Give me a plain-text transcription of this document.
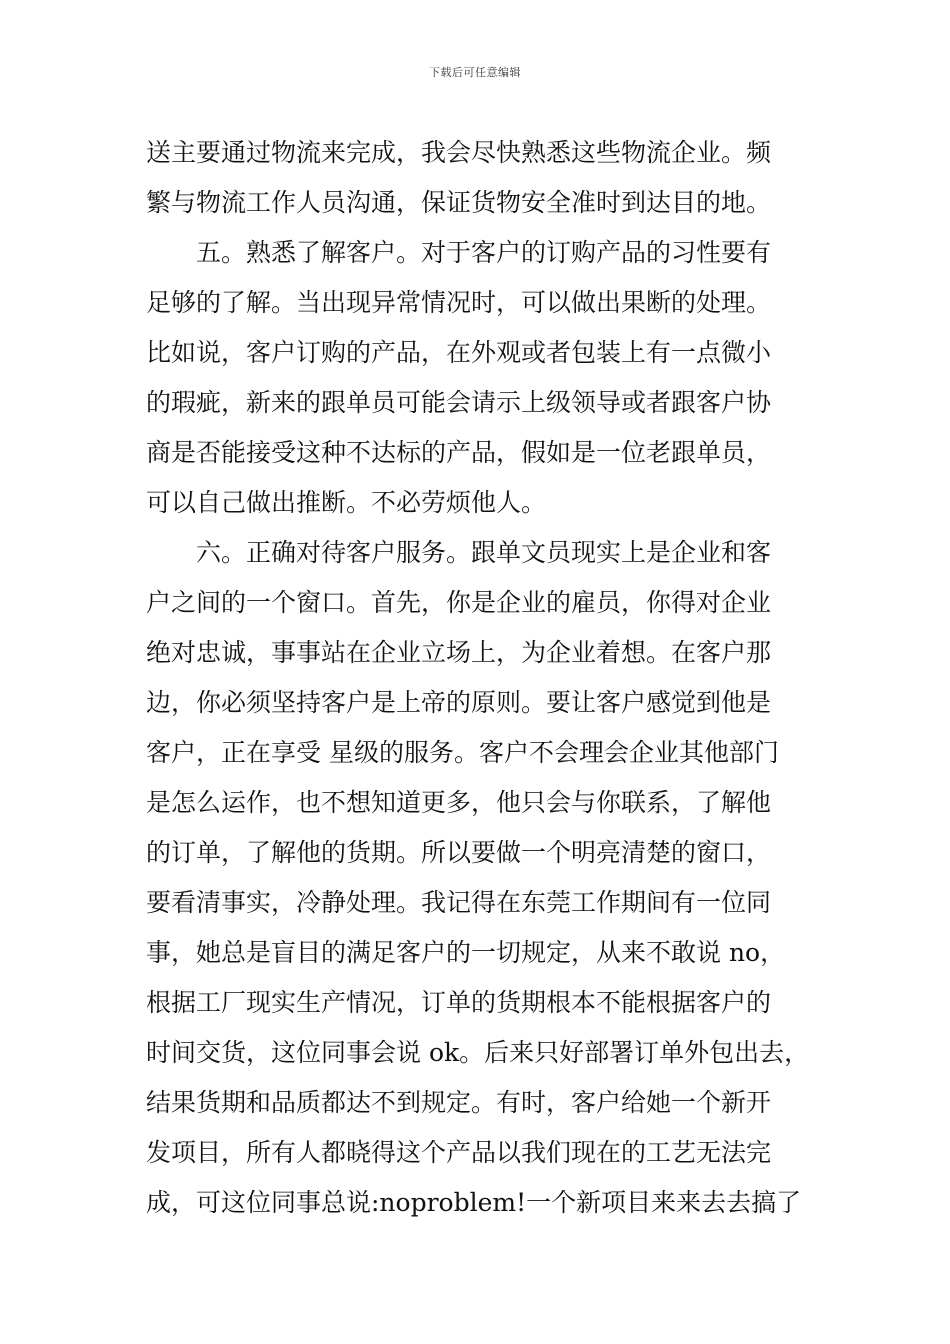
下载后可任意编辑
送主要通过物流来完成，我会尽快熟悉这些物流企业。频
繁与物流工作人员沟通，保证货物安全准时到达目的地。
五。熟悉了解客户。对于客户的订购产品的习性要有
足够的了解。当出现异常情况时，可以做出果断的处理。
比如说，客户订购的产品，在外观或者包装上有一点微小
的瑕疵，新来的跟单员可能会请示上级领导或者跟客户协
商是否能接受这种不达标的产品，假如是一位老跟单员，
可以自己做出推断。不必劳烦他人。
六。正确对待客户服务。跟单文员现实上是企业和客
户之间的一个窗口。首先，你是企业的雇员，你得对企业
绝对忠诚，事事站在企业立场上，为企业着想。在客户那
边，你必须坚持客户是上帝的原则。要让客户感觉到他是
客户，正在享受 星级的服务。客户不会理会企业其他部门
是怎么运作，也不想知道更多，他只会与你联系，了解他
的订单，了解他的货期。所以要做一个明亮清楚的窗口，
要看清事实，冷静处理。我记得在东莞工作期间有一位同
事，她总是盲目的满足客户的一切规定，从来不敢说 no，
根据工厂现实生产情况，订单的货期根本不能根据客户的
时间交货，这位同事会说 ok。后来只好部署订单外包出去，
结果货期和品质都达不到规定。有时，客户给她一个新开
发项目，所有人都晓得这个产品以我们现在的工艺无法完
成，可这位同事总说:noproblem!一个新项目来来去去搞了
